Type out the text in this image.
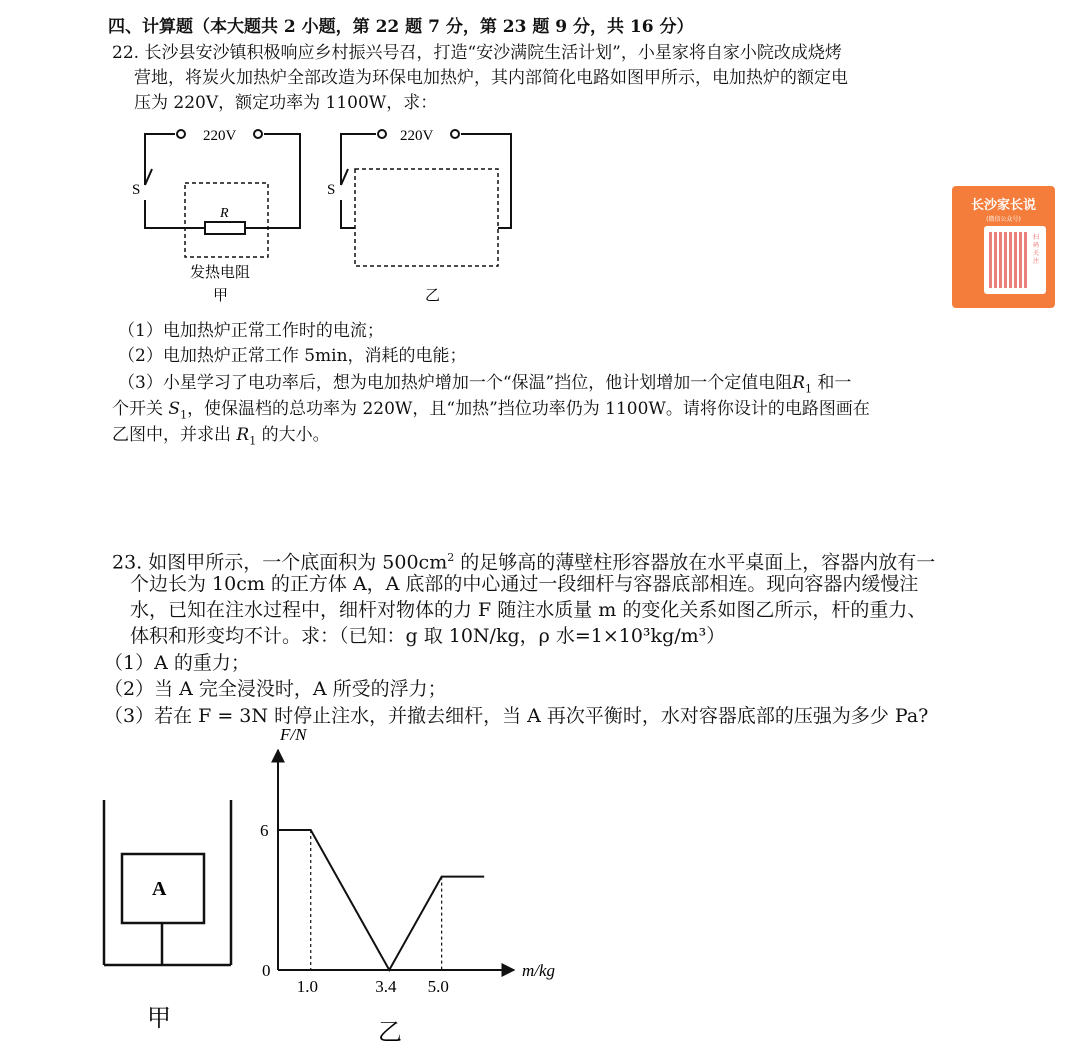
四、计算题（本大题共 2 小题，第 22 题 7 分，第 23 题 9 分，共 16 分）
22. 长沙县安沙镇积极响应乡村振兴号召，打造“安沙满院生活计划”，小星家将自家小院改成烧烤
营地，将炭火加热炉全部改造为环保电加热炉，其内部简化电路如图甲所示，电加热炉的额定电
压为 220V，额定功率为 1100W，求：
220V
S
R
发热电阻
甲
220V
S
乙
长沙家长说
(微信公众号)
扫码关注
（1）电加热炉正常工作时的电流；
（2）电加热炉正常工作 5min，消耗的电能；
（3）小星学习了电功率后，想为电加热炉增加一个“保温”挡位，他计划增加一个定值电阻$R_1$ 和一
个开关 $S_1$，使保温档的总功率为 220W，且“加热”挡位功率仍为 1100W。请将你设计的电路图画在
乙图中，并求出 $R_1$ 的大小。
23. 如图甲所示，一个底面积为 $500cm^2$ 的足够高的薄壁柱形容器放在水平桌面上，容器内放有一
个边长为 10cm 的正方体 A，A 底部的中心通过一段细杆与容器底部相连。现向容器内缓慢注
水，已知在注水过程中，细杆对物体的力 F 随注水质量 m 的变化关系如图乙所示，杆的重力、
体积和形变均不计。求：（已知：g 取 10N/kg，ρ 水=1×10³kg/m³）
（1）A 的重力；
（2）当 A 完全浸没时，A 所受的浮力；
（3）若在 F = 3N 时停止注水，并撤去细杆，当 A 再次平衡时，水对容器底部的压强为多少 Pa?
A
甲
F/N
m/kg
0
6
1.0	3.4 5.0
乙
